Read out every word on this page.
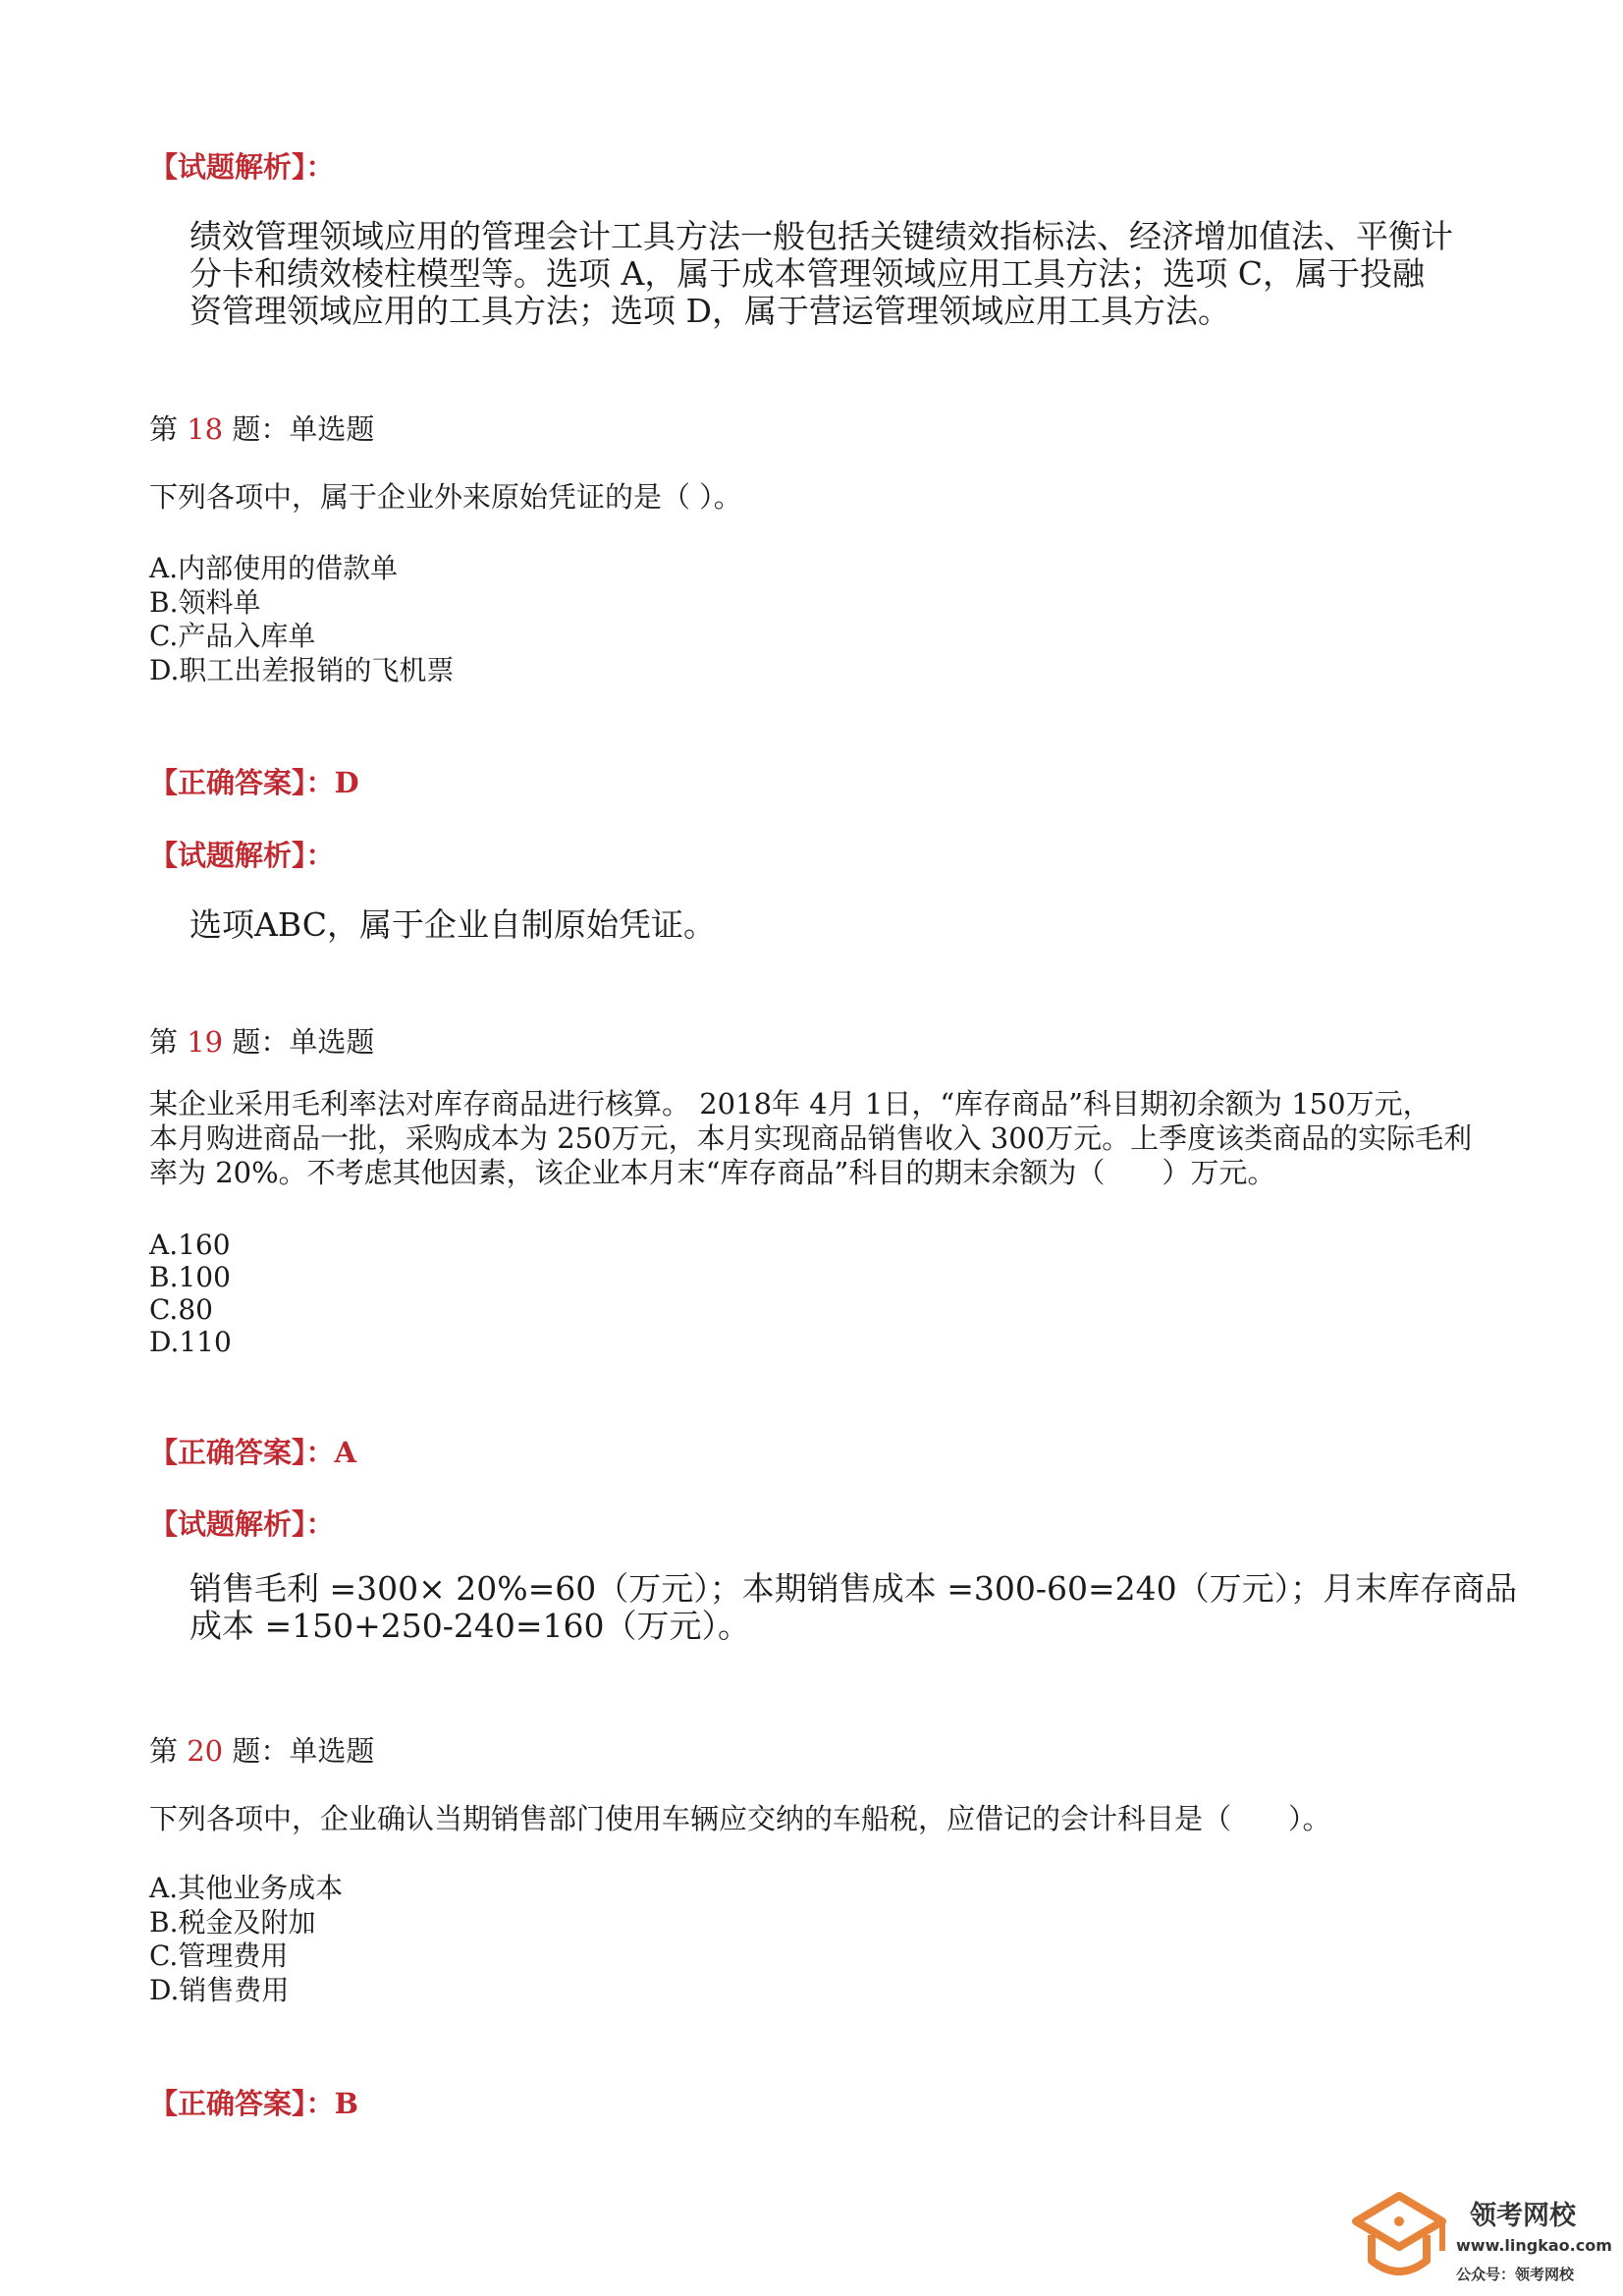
【试题解析】：
绩效管理领域应用的管理会计工具方法一般包括关键绩效指标法、经济增加值法、平衡计
分卡和绩效棱柱模型等。选项 A，属于成本管理领域应用工具方法；选项 C，属于投融
资管理领域应用的工具方法；选项 D，属于营运管理领域应用工具方法。
第 18 题：单选题
下列各项中，属于企业外来原始凭证的是（ ）。
A.内部使用的借款单
B.领料单
C.产品入库单
D.职工出差报销的飞机票
【正确答案】：D
【试题解析】：
选项ABC，属于企业自制原始凭证。
第 19 题：单选题
某企业采用毛利率法对库存商品进行核算。 2018年 4月 1日，“库存商品”科目期初余额为 150万元，
本月购进商品一批，采购成本为 250万元，本月实现商品销售收入 300万元。上季度该类商品的实际毛利
率为 20%。不考虑其他因素，该企业本月末“库存商品”科目的期末余额为（　　）万元。
A.160
B.100
C.80
D.110
【正确答案】：A
【试题解析】：
销售毛利 =300× 20%=60（万元）；本期销售成本 =300-60=240（万元）；月末库存商品
成本 =150+250-240=160（万元）。
第 20 题：单选题
下列各项中，企业确认当期销售部门使用车辆应交纳的车船税，应借记的会计科目是（　　）。
A.其他业务成本
B.税金及附加
C.管理费用
D.销售费用
【正确答案】：B
领考网校
www.lingkao.com
公众号：领考网校
